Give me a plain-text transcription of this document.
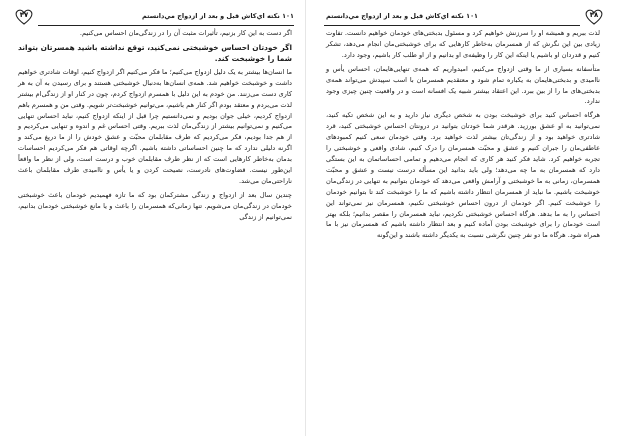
۴۷	۱۰۱ نكته اي‌كاش قبل و بعد از ازدواج مي‌دانستم

اگر دست به این کار بزنیم، تأثیرات مثبت آن را در زندگی‌مان احساس می‌کنیم.

اگر خودتان احساس خوشبختی نمی‌کنید، توقع نداشته باشید همسرتان بتواند شما را خوشبخت کند.

ما انسان‌ها بیشتر به یک دلیل ازدواج می‌کنیم؛ ما فکر می‌کنیم اگر ازدواج کنیم، اوقات شادتری خواهیم داشت و خوشبخت خواهیم شد. همه‌ی انسان‌ها به‌دنبال خوشبختی هستند و برای رسیدن به آن به هر کاری دست می‌زنند. من خودم به این دلیل با همسرم ازدواج کردم، چون در کنار او از زندگی‌ام بیشتر لذت می‌بردم و معتقد بودم اگر کنار هم باشیم، می‌توانیم خوشبخت‌تر شویم. وقتی من و همسرم باهم ازدواج کردیم، خیلی جوان بودیم و نمی‌دانستیم چرا قبل از اینکه ازدواج کنیم، نباید احساس تنهایی می‌کنیم و نمی‌توانیم بیشتر از زندگی‌مان لذت ببریم. وقتی احساس غم و اندوه و تنهایی می‌کردیم و از هم جدا بودیم، فکر می‌کردیم که طرف مقابلمان محبّت و عشق خودش را از ما دریغ می‌کند و اگرنه دلیلی ندارد که ما چنین احساساتی داشته باشیم. اگرچه اوقاتی هم فکر می‌کردیم احساسات بدمان به‌خاطر کارهایی است که از نظر طرف مقابلمان خوب و درست است، ولی از نظر ما واقعاً این‌طور نیست. قضاوت‌های نادرست، نصیحت کردن و یا یأس و ناامیدی طرف مقابلمان باعث ناراحتی‌مان می‌شد.

چندین سال بعد از ازدواج و زندگی مشترکمان بود که ما تازه فهمیدیم خودمان باعث خوشبختی خودمان در زندگی‌مان می‌شویم. تنها زمانی‌که همسرمان را باعث و یا مانع خوشبختی خودمان بدانیم، نمی‌توانیم از زندگی

۴۸
۱۰۱ نكته اي‌كاش قبل و بعد از ازدواج مي‌دانستم

لذت ببریم و همیشه او را سرزنش خواهیم کرد و مسئول بدبختی‌های خودمان خواهیم دانست. تفاوت زیادی بین این نگرش که از همسرمان به‌خاطر کارهایی که برای خوشبختی‌مان انجام می‌دهد، تشکر کنیم و قدردان او باشیم یا اینکه این کار را وظیفه‌ی او بدانیم و از او طلب کار باشیم، وجود دارد.

متأسفانه بسیاری از ما وقتی ازدواج می‌کنیم، امیدواریم که همه‌ی تنهایی‌هایمان، احساس یأس و ناامیدی و بدبختی‌هایمان به یکباره تمام شود و معتقدیم همسرمان با اسب سپیدش می‌تواند همه‌ی بدبختی‌های ما را از بین ببرد. این اعتقاد بیشتر شبیه یک افسانه است و در واقعیت چنین چیزی وجود ندارد.

هرگاه احساس کنید برای خوشبخت بودن به شخص دیگری نیاز دارید و به این شخص تکیه کنید، نمی‌توانید به او عشق بورزید. هرقدر شما خودتان بتوانید در درونتان احساس خوشبختی کنید، قرد شادتری خواهید بود و از زندگی‌تان بیشتر لذت خواهید برد. وقتی خودمان سعی کنیم کمبودهای عاطفی‌مان را جبران کنیم و عشق و محبّت همسرمان را درک کنیم، شادی واقعی و خوشبختی را تجربه خواهیم کرد. شاید فکر کنید هر کاری که انجام می‌دهیم و تمامی احساساتمان به این بستگی دارد که همسرمان به ما چه می‌دهد؛ ولی باید بدانید این مسأله درست نیست و عشق و محبّت همسرمان، زمانی به ما خوشبختی و آرامش واقعی می‌دهد که خودمان بتوانیم به تنهایی در زندگی‌مان خوشبخت باشیم. ما نباید از همسرمان انتظار داشته باشیم که ما را خوشبخت کند تا بتوانیم خودمان را خوشبخت کنیم. اگر خودمان از درون احساس خوشبختی نکنیم، همسرمان نیز نمی‌تواند این احساس را به ما بدهد. هرگاه احساس خوشبختی نکردیم، نباید همسرمان را مقصر بدانیم؛ بلکه بهتر است خودمان را برای خوشبخت بودن آماده کنیم و بعد انتظار داشته باشیم که همسرمان نیز با ما همراه شود. هرگاه ما دو نفر چنین نگرشی نسبت به یکدیگر داشته باشند و این‌گونه
